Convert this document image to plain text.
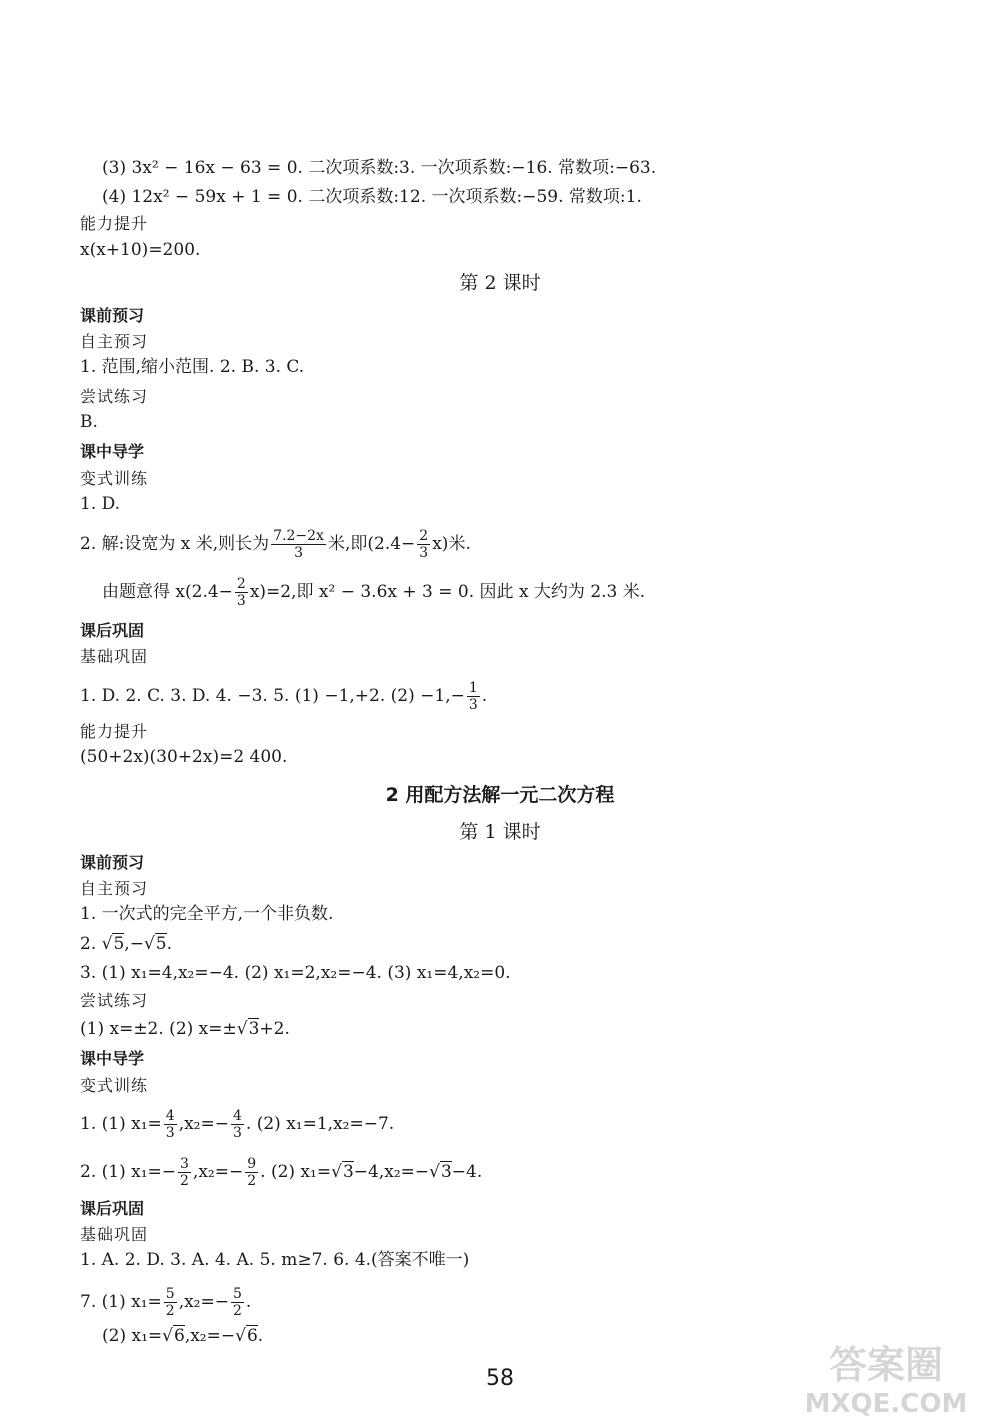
(3) 3x² − 16x − 63 = 0. 二次项系数:3. 一次项系数:−16. 常数项:−63.
(4) 12x² − 59x + 1 = 0. 二次项系数:12. 一次项系数:−59. 常数项:1.
能力提升
x(x+10)=200.
第 2 课时
课前预习
自主预习
1. 范围,缩小范围. 2. B. 3. C.
尝试练习
B.
课中导学
变式训练
1. D.
2. 解:设宽为 x 米,则长为 $\frac{7.2-2x}{3}$ 米,即$(2.4- \frac{2}{3} x)$米.
由题意得 $x(2.4- \frac{2}{3} x)=2$,即 x² − 3.6x + 3 = 0. 因此 x 大约为 2.3 米.
课后巩固
基础巩固
1. D. 2. C. 3. D. 4. −3. 5. (1) −1,+2. $(2) -1,- \frac{1}{3}$ .
能力提升
(50+2x)(30+2x)=2 400.
2 用配方法解一元二次方程
第 1 课时
课前预习
自主预习
1. 一次式的完全平方,一个非负数.
2. √5,−√5.
3. (1) x₁=4,x₂=−4. (2) x₁=2,x₂=−4. (3) x₁=4,x₂=0.
尝试练习
(1) x=±2. (2) x=±√3+2.
课中导学
变式训练
1. (1) $x_1= \frac{4}{3} ,x_2=- \frac{4}{3}$ . (2) x₁=1,x₂=−7.
2. (1) $x_1=- \frac{3}{2} ,x_2=- \frac{9}{2}$ . (2) x₁=√3−4,x₂=−√3−4.
课后巩固
基础巩固
1. A. 2. D. 3. A. 4. A. 5. m≥7. 6. 4.(答案不唯一)
7. (1) $x_1= \frac{5}{2} ,x_2=- \frac{5}{2}$ .
(2) x₁=√6,x₂=−√6.
58	答案圈
MXQE.COM
